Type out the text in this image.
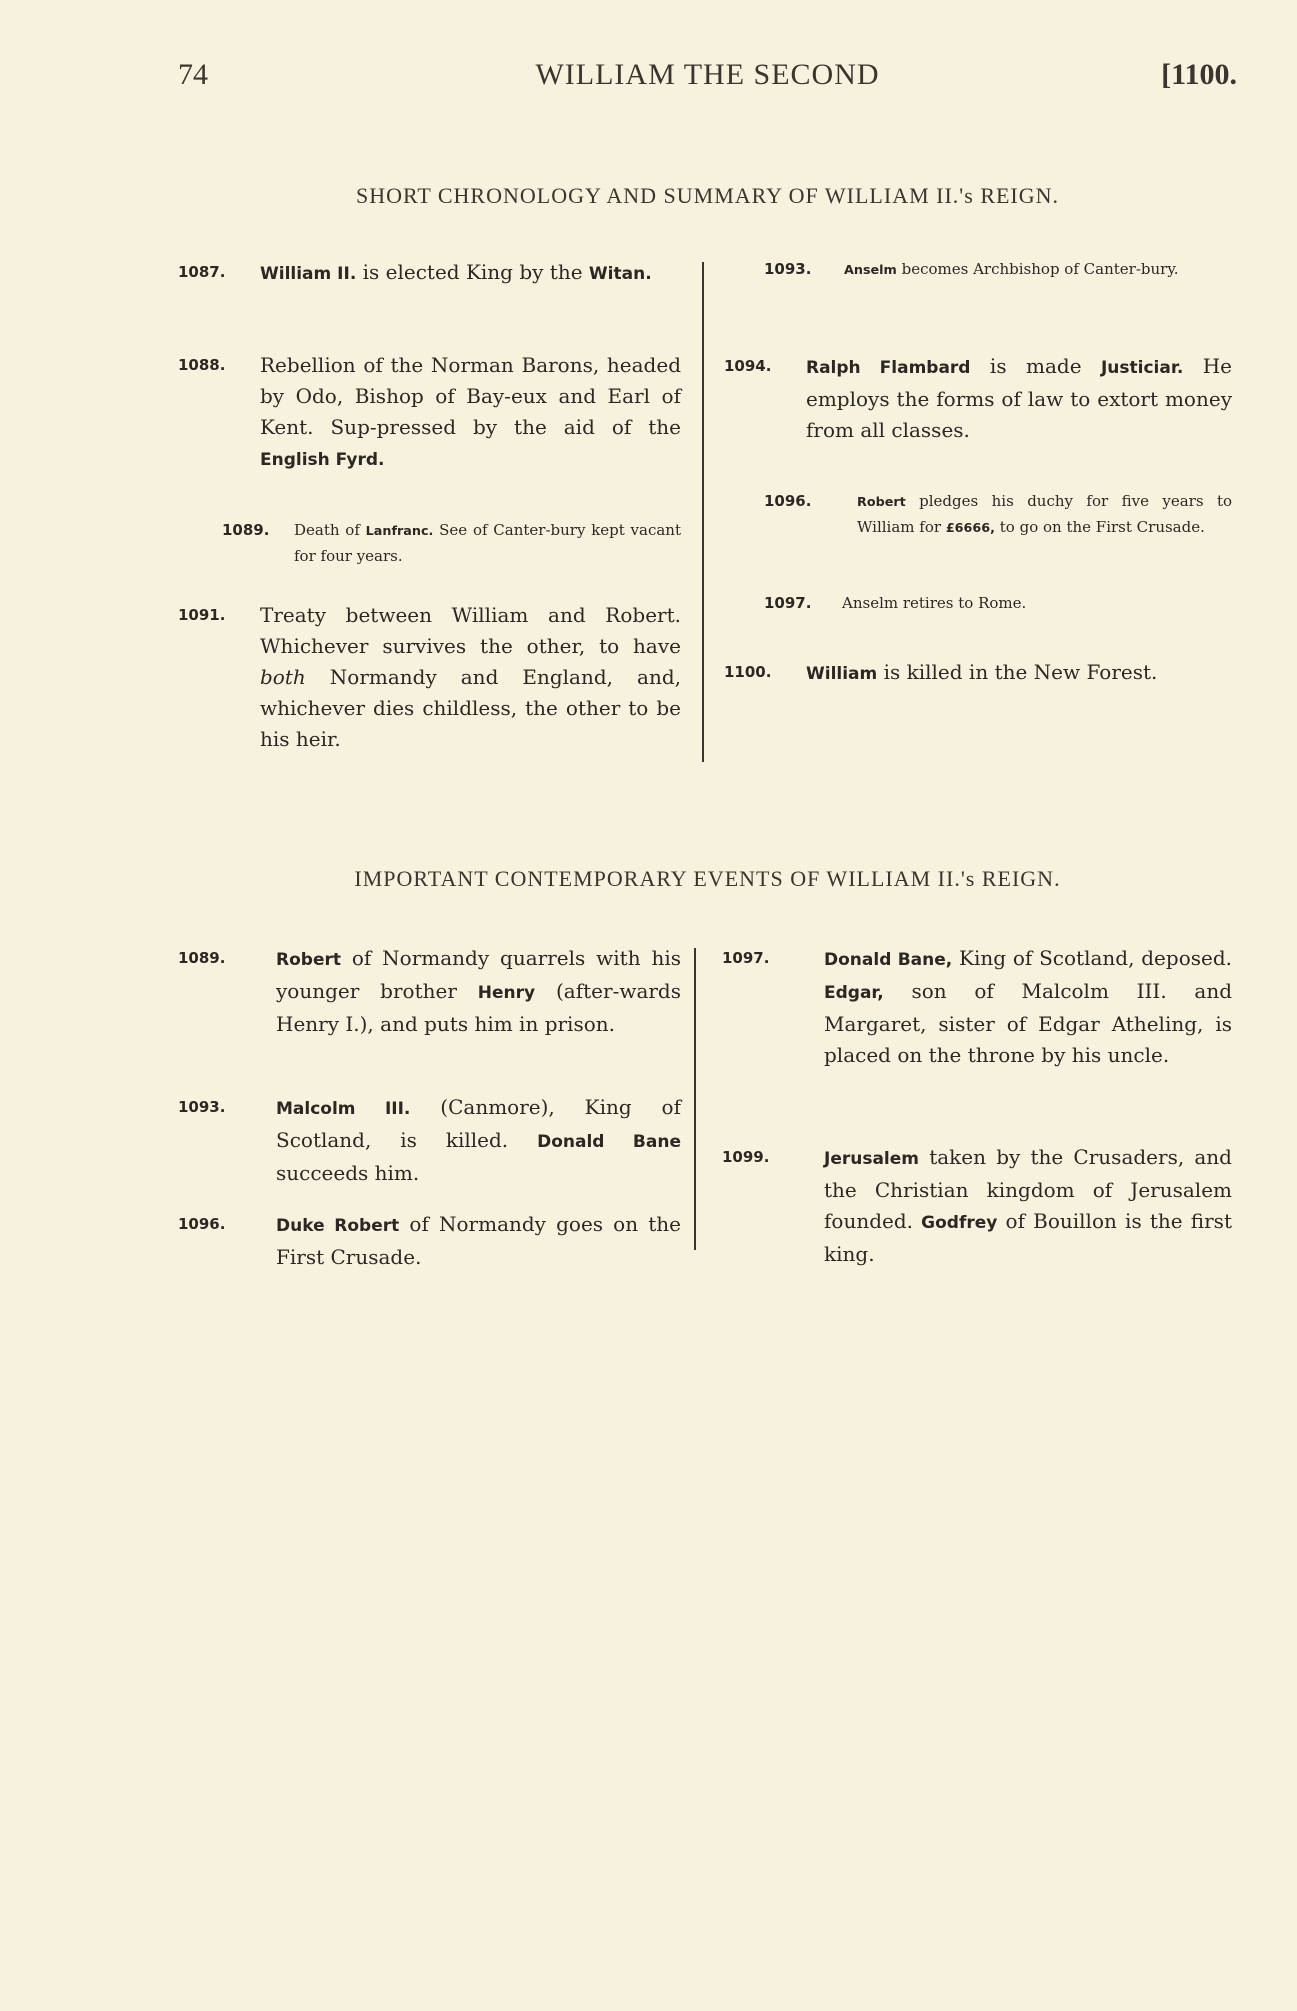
74	WILLIAM THE SECOND	[1100.
SHORT CHRONOLOGY AND SUMMARY OF WILLIAM II.'s REIGN.
1087.	William II. is elected King by the Witan.
1088.	Rebellion of the Norman Barons, headed by Odo, Bishop of Bay-eux and Earl of Kent. Sup-pressed by the aid of the English Fyrd.
1089.	Death of Lanfranc. See of Canter-bury kept vacant for four years.
1091.	Treaty between William and Robert. Whichever survives the other, to have both Normandy and England, and, whichever dies childless, the other to be his heir.
1093.	Anselm becomes Archbishop of Canter-bury.
1094.	Ralph Flambard is made Justiciar. He employs the forms of law to extort money from all classes.
1096.	Robert pledges his duchy for five years to William for £6666, to go on the First Crusade.
1097.	Anselm retires to Rome.
1100.	William is killed in the New Forest.
IMPORTANT CONTEMPORARY EVENTS OF WILLIAM II.'s REIGN.
1089.	Robert of Normandy quarrels with his younger brother Henry (after-wards Henry I.), and puts him in prison.
1093.	Malcolm III. (Canmore), King of Scotland, is killed. Donald Bane succeeds him.
1096.	Duke Robert of Normandy goes on the First Crusade.
1097.	Donald Bane, King of Scotland, deposed. Edgar, son of Malcolm III. and Margaret, sister of Edgar Atheling, is placed on the throne by his uncle.
1099.	Jerusalem taken by the Crusaders, and the Christian kingdom of Jerusalem founded. Godfrey of Bouillon is the first king.
